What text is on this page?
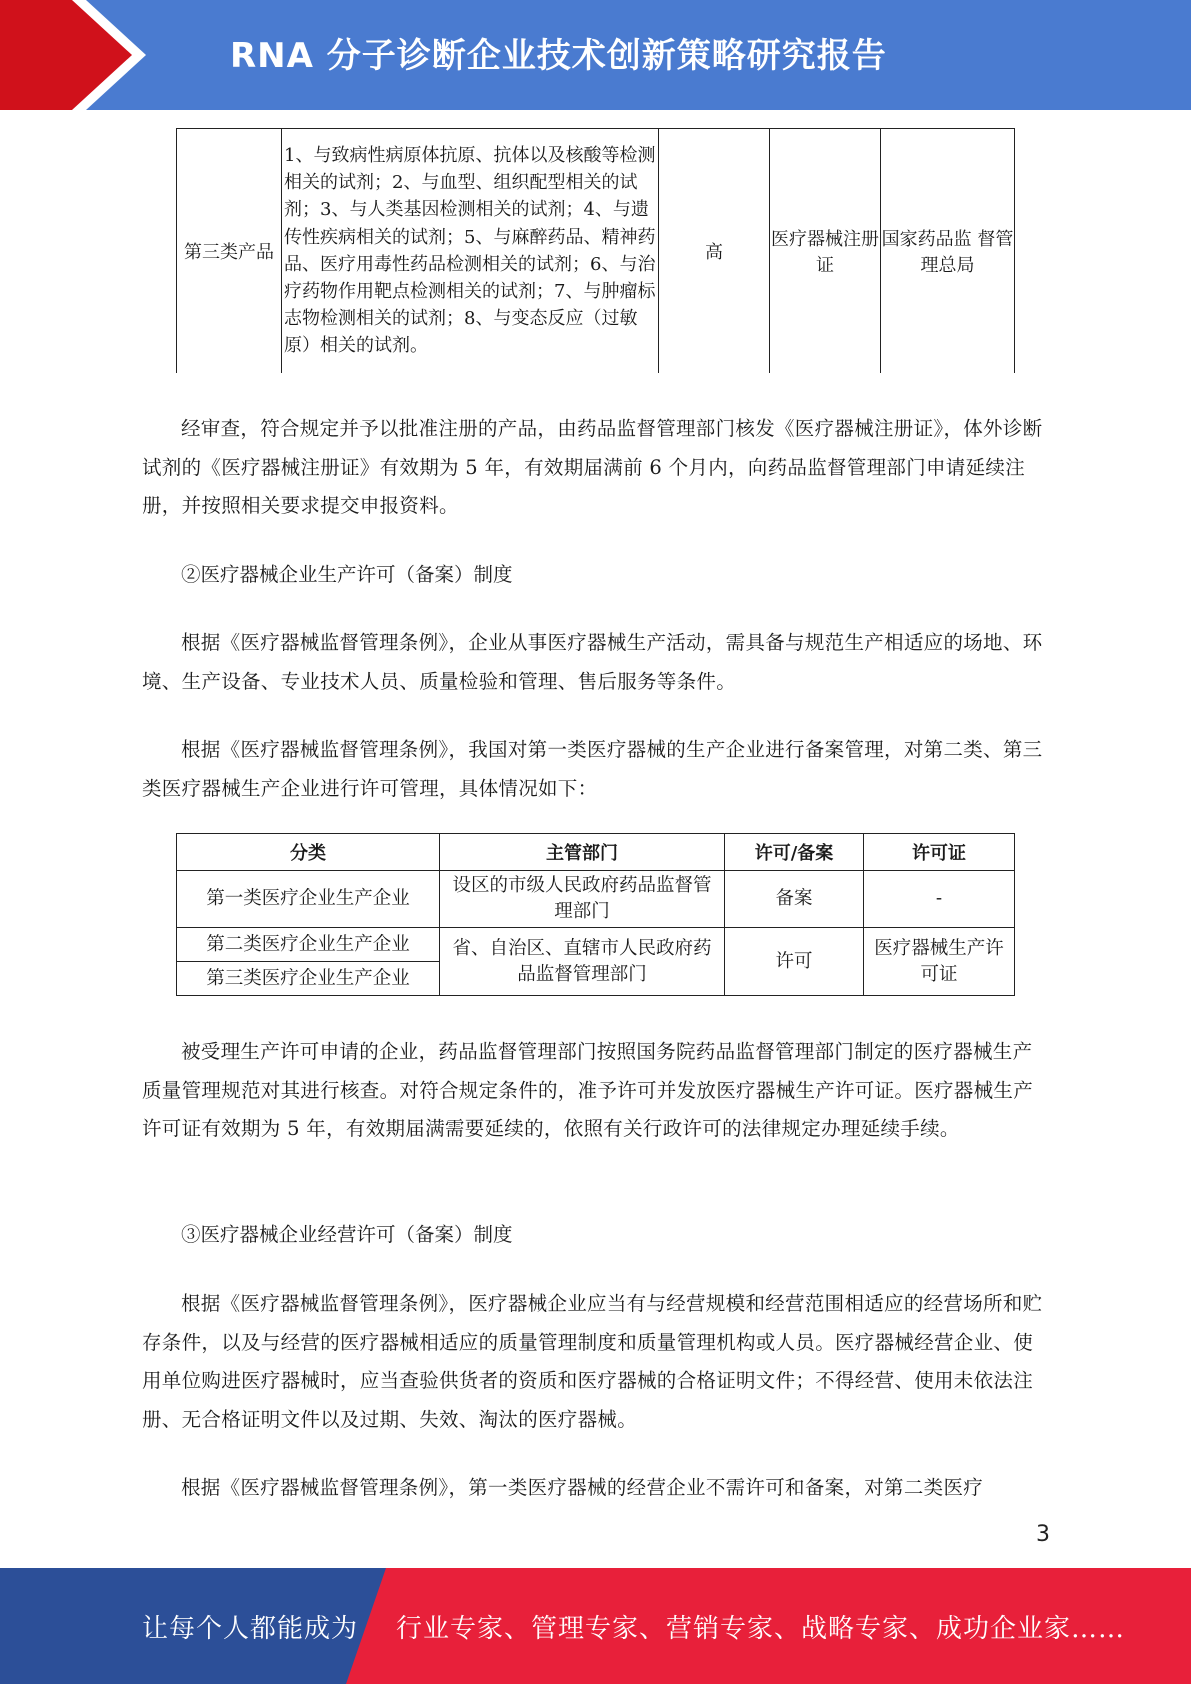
RNA 分子诊断企业技术创新策略研究报告
第三类产品	1、与致病性病原体抗原、抗体以及核酸等检测相关的试剂；2、与血型、组织配型相关的试剂；3、与人类基因检测相关的试剂；4、与遗传性疾病相关的试剂；5、与麻醉药品、精神药品、医疗用毒性药品检测相关的试剂；6、与治疗药物作用靶点检测相关的试剂；7、与肿瘤标志物检测相关的试剂；8、与变态反应（过敏原）相关的试剂。	高	医疗器械注册证	国家药品监 督管理总局

经审查，符合规定并予以批准注册的产品，由药品监督管理部门核发《医疗器械注册证》，体外诊断试剂的《医疗器械注册证》有效期为 5 年，有效期届满前 6 个月内，向药品监督管理部门申请延续注册，并按照相关要求提交申报资料。

②医疗器械企业生产许可（备案）制度

根据《医疗器械监督管理条例》，企业从事医疗器械生产活动，需具备与规范生产相适应的场地、环境、生产设备、专业技术人员、质量检验和管理、售后服务等条件。

根据《医疗器械监督管理条例》，我国对第一类医疗器械的生产企业进行备案管理，对第二类、第三类医疗器械生产企业进行许可管理，具体情况如下：

分类	主管部门	许可/备案	许可证
第一类医疗企业生产企业	设区的市级人民政府药品监督管理部门	备案	-
第二类医疗企业生产企业	省、自治区、直辖市人民政府药品监督管理部门	许可	医疗器械生产许可证
第三类医疗企业生产企业			

被受理生产许可申请的企业，药品监督管理部门按照国务院药品监督管理部门制定的医疗器械生产质量管理规范对其进行核查。对符合规定条件的，准予许可并发放医疗器械生产许可证。医疗器械生产许可证有效期为 5 年，有效期届满需要延续的，依照有关行政许可的法律规定办理延续手续。

③医疗器械企业经营许可（备案）制度

根据《医疗器械监督管理条例》，医疗器械企业应当有与经营规模和经营范围相适应的经营场所和贮存条件，以及与经营的医疗器械相适应的质量管理制度和质量管理机构或人员。医疗器械经营企业、使用单位购进医疗器械时，应当查验供货者的资质和医疗器械的合格证明文件；不得经营、使用未依法注册、无合格证明文件以及过期、失效、淘汰的医疗器械。

根据《医疗器械监督管理条例》，第一类医疗器械的经营企业不需许可和备案，对第二类医疗

3
让每个人都能成为 行业专家、管理专家、营销专家、战略专家、成功企业家……
